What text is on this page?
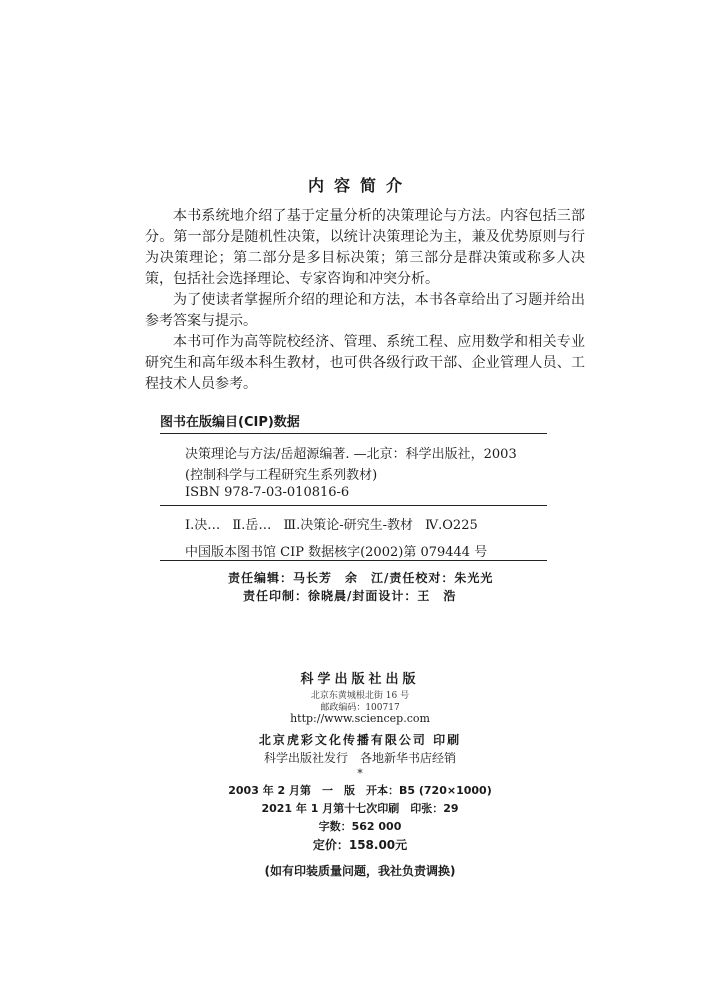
内容简介

本书系统地介绍了基于定量分析的决策理论与方法。内容包括三部分。第一部分是随机性决策，以统计决策理论为主，兼及优势原则与行为决策理论；第二部分是多目标决策；第三部分是群决策或称多人决策，包括社会选择理论、专家咨询和冲突分析。

为了使读者掌握所介绍的理论和方法，本书各章给出了习题并给出参考答案与提示。

本书可作为高等院校经济、管理、系统工程、应用数学和相关专业研究生和高年级本科生教材，也可供各级行政干部、企业管理人员、工程技术人员参考。

图书在版编目(CIP)数据
决策理论与方法/岳超源编著. —北京：科学出版社，2003
(控制科学与工程研究生系列教材)
ISBN 978-7-03-010816-6
Ⅰ.决… Ⅱ.岳… Ⅲ.决策论-研究生-教材 Ⅳ.O225
中国版本图书馆 CIP 数据核字(2002)第 079444 号
责任编辑：马长芳　余　江/责任校对：朱光光
责任印制：徐晓晨/封面设计：王　浩
科学出版社出版
北京东黄城根北街 16 号
邮政编码：100717
http://www.sciencep.com
北京虎彩文化传播有限公司 印刷
科学出版社发行　各地新华书店经销
*
2003 年 2 月第　一　版　开本：B5 (720×1000)
2021 年 1 月第十七次印刷　印张：29
字数：562 000
定价：158.00元
(如有印装质量问题，我社负责调换)
